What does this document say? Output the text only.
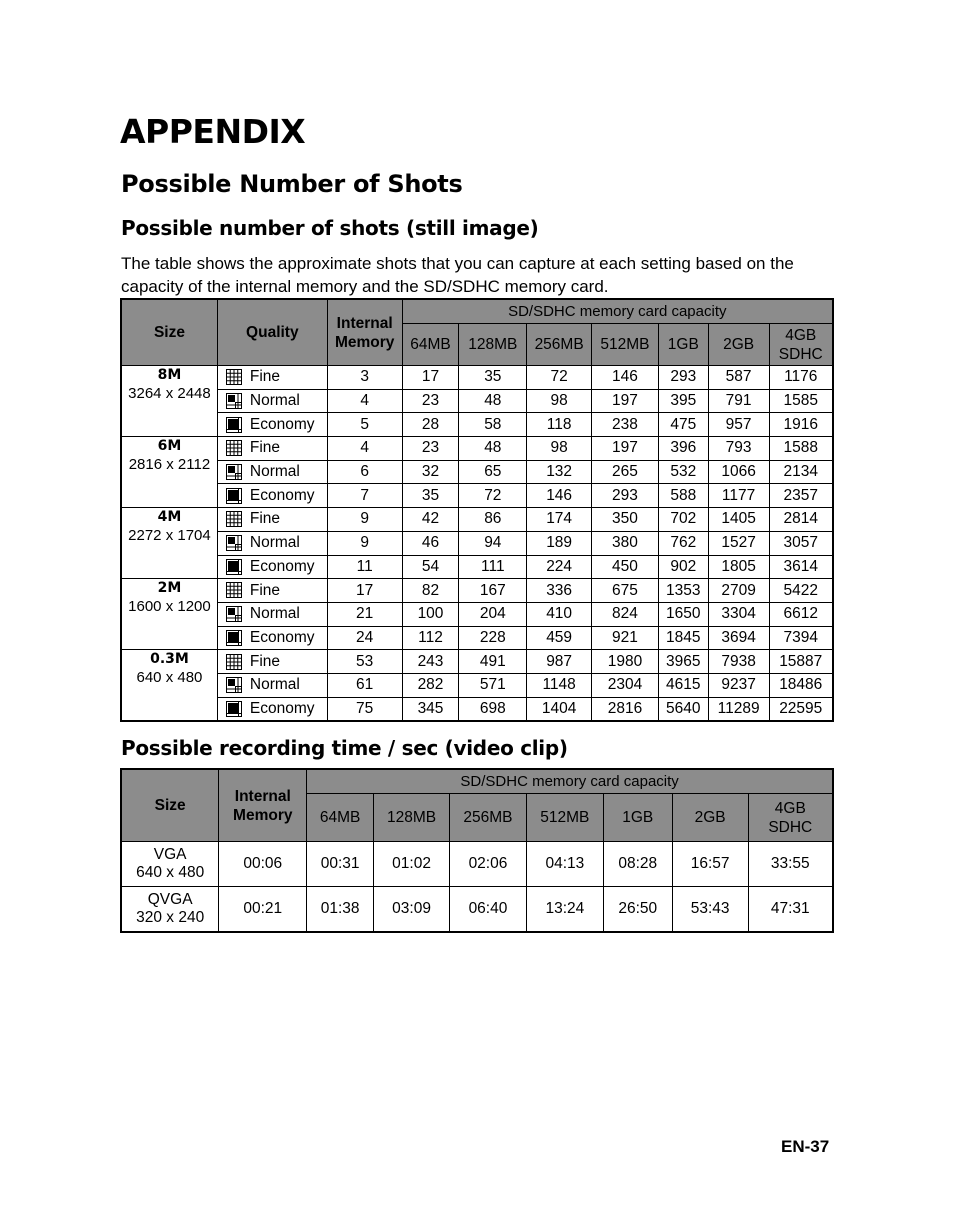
APPENDIX
Possible Number of Shots
Possible number of shots (still image)
The table shows the approximate shots that you can capture at each setting based on the capacity of the internal memory and the SD/SDHC memory card.
Size	Quality	Internal Memory	SD/SDHC memory card capacity						
			64MB	128MB	256MB	512MB	1GB	2GB	4GB SDHC

8M
3264 x 2448	Fine	3	17	35	72	146	293	587	1176
	Normal	4	23	48	98	197	395	791	1585
	Economy	5	28	58	118	238	475	957	1916

6M
2816 x 2112	Fine	4	23	48	98	197	396	793	1588
	Normal	6	32	65	132	265	532	1066	2134
	Economy	7	35	72	146	293	588	1177	2357

4M
2272 x 1704	Fine	9	42	86	174	350	702	1405	2814
	Normal	9	46	94	189	380	762	1527	3057
	Economy	11	54	111	224	450	902	1805	3614

2M
1600 x 1200	Fine	17	82	167	336	675	1353	2709	5422
	Normal	21	100	204	410	824	1650	3304	6612
	Economy	24	112	228	459	921	1845	3694	7394

0.3M
640 x 480	Fine	53	243	491	987	1980	3965	7938	15887
	Normal	61	282	571	1148	2304	4615	9237	18486
	Economy	75	345	698	1404	2816	5640	11289	22595
Possible recording time / sec (video clip)
Size	Internal Memory	SD/SDHC memory card capacity						
		64MB	128MB	256MB	512MB	1GB	2GB	4GB SDHC

VGA
640 x 480	00:06	00:31	01:02	02:06	04:13	08:28	16:57	33:55

QVGA
320 x 240	00:21	01:38	03:09	06:40	13:24	26:50	53:43	47:31
EN-37
